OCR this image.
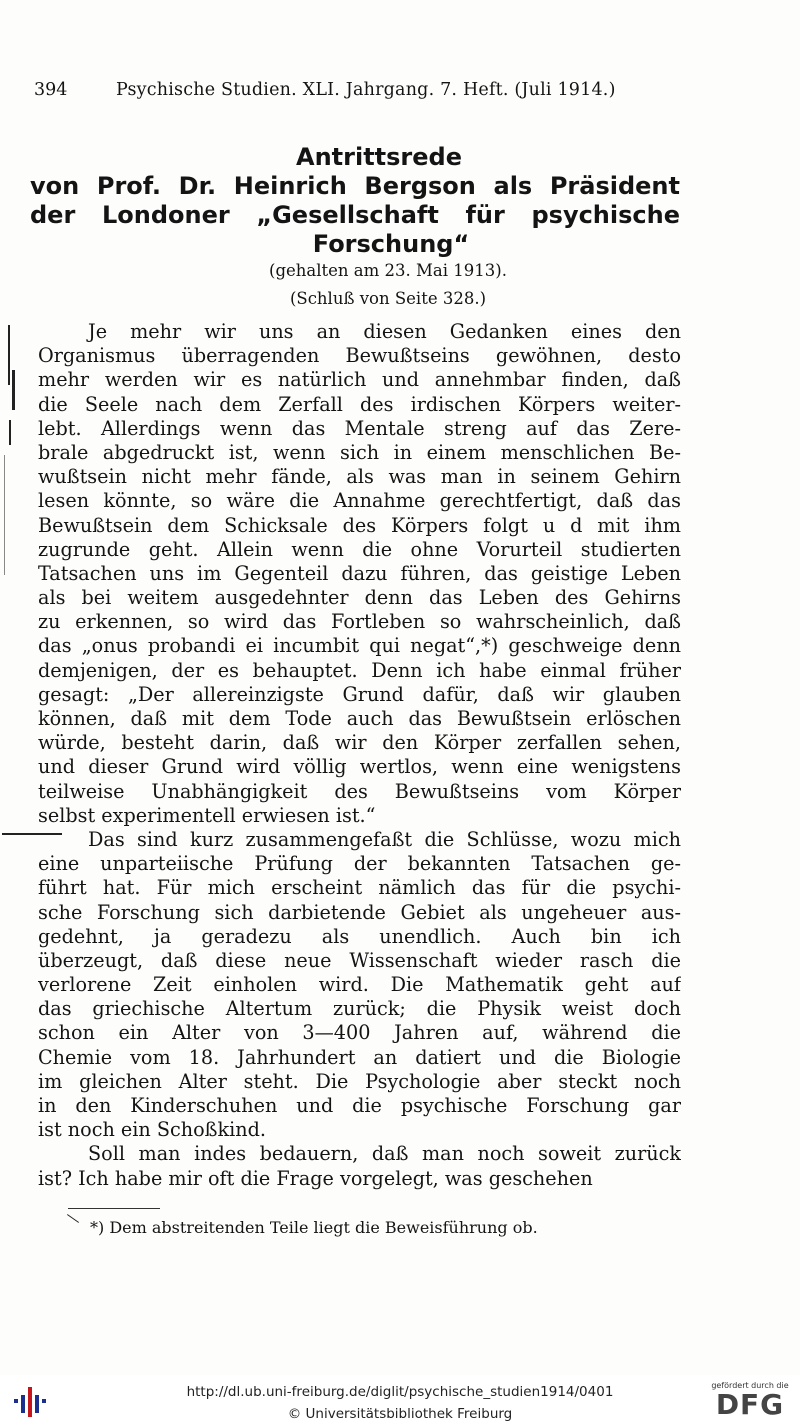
394	Psychische Studien. XLI. Jahrgang. 7. Heft. (Juli 1914.)
Antrittsrede
von Prof. Dr. Heinrich Bergson als Präsident
der Londoner „Gesellschaft für psychische
Forschung“
(gehalten am 23. Mai 1913).
(Schluß von Seite 328.)
Je mehr wir uns an diesen Gedanken eines den
Organismus überragenden Bewußtseins gewöhnen, desto
mehr werden wir es natürlich und annehmbar finden, daß
die Seele nach dem Zerfall des irdischen Körpers weiter-
lebt. Allerdings wenn das Mentale streng auf das Zere-
brale abgedruckt ist, wenn sich in einem menschlichen Be-
wußtsein nicht mehr fände, als was man in seinem Gehirn
lesen könnte, so wäre die Annahme gerechtfertigt, daß das
Bewußtsein dem Schicksale des Körpers folgt u d mit ihm
zugrunde geht. Allein wenn die ohne Vorurteil studierten
Tatsachen uns im Gegenteil dazu führen, das geistige Leben
als bei weitem ausgedehnter denn das Leben des Gehirns
zu erkennen, so wird das Fortleben so wahrscheinlich, daß
das „onus probandi ei incumbit qui negat“,*) geschweige denn
demjenigen, der es behauptet. Denn ich habe einmal früher
gesagt: „Der allereinzigste Grund dafür, daß wir glauben
können, daß mit dem Tode auch das Bewußtsein erlöschen
würde, besteht darin, daß wir den Körper zerfallen sehen,
und dieser Grund wird völlig wertlos, wenn eine wenigstens
teilweise Unabhängigkeit des Bewußtseins vom Körper
selbst experimentell erwiesen ist.“
Das sind kurz zusammengefaßt die Schlüsse, wozu mich
eine unparteiische Prüfung der bekannten Tatsachen ge-
führt hat. Für mich erscheint nämlich das für die psychi-
sche Forschung sich darbietende Gebiet als ungeheuer aus-
gedehnt, ja geradezu als unendlich. Auch bin ich
überzeugt, daß diese neue Wissenschaft wieder rasch die
verlorene Zeit einholen wird. Die Mathematik geht auf
das griechische Altertum zurück; die Physik weist doch
schon ein Alter von 3—400 Jahren auf, während die
Chemie vom 18. Jahrhundert an datiert und die Biologie
im gleichen Alter steht. Die Psychologie aber steckt noch
in den Kinderschuhen und die psychische Forschung gar
ist noch ein Schoßkind.
Soll man indes bedauern, daß man noch soweit zurück
ist? Ich habe mir oft die Frage vorgelegt, was geschehen
*) Dem abstreitenden Teile liegt die Beweisführung ob.
http://dl.ub.uni-freiburg.de/diglit/psychische_studien1914/0401
© Universitätsbibliothek Freiburg
gefördert durch die
DFG
